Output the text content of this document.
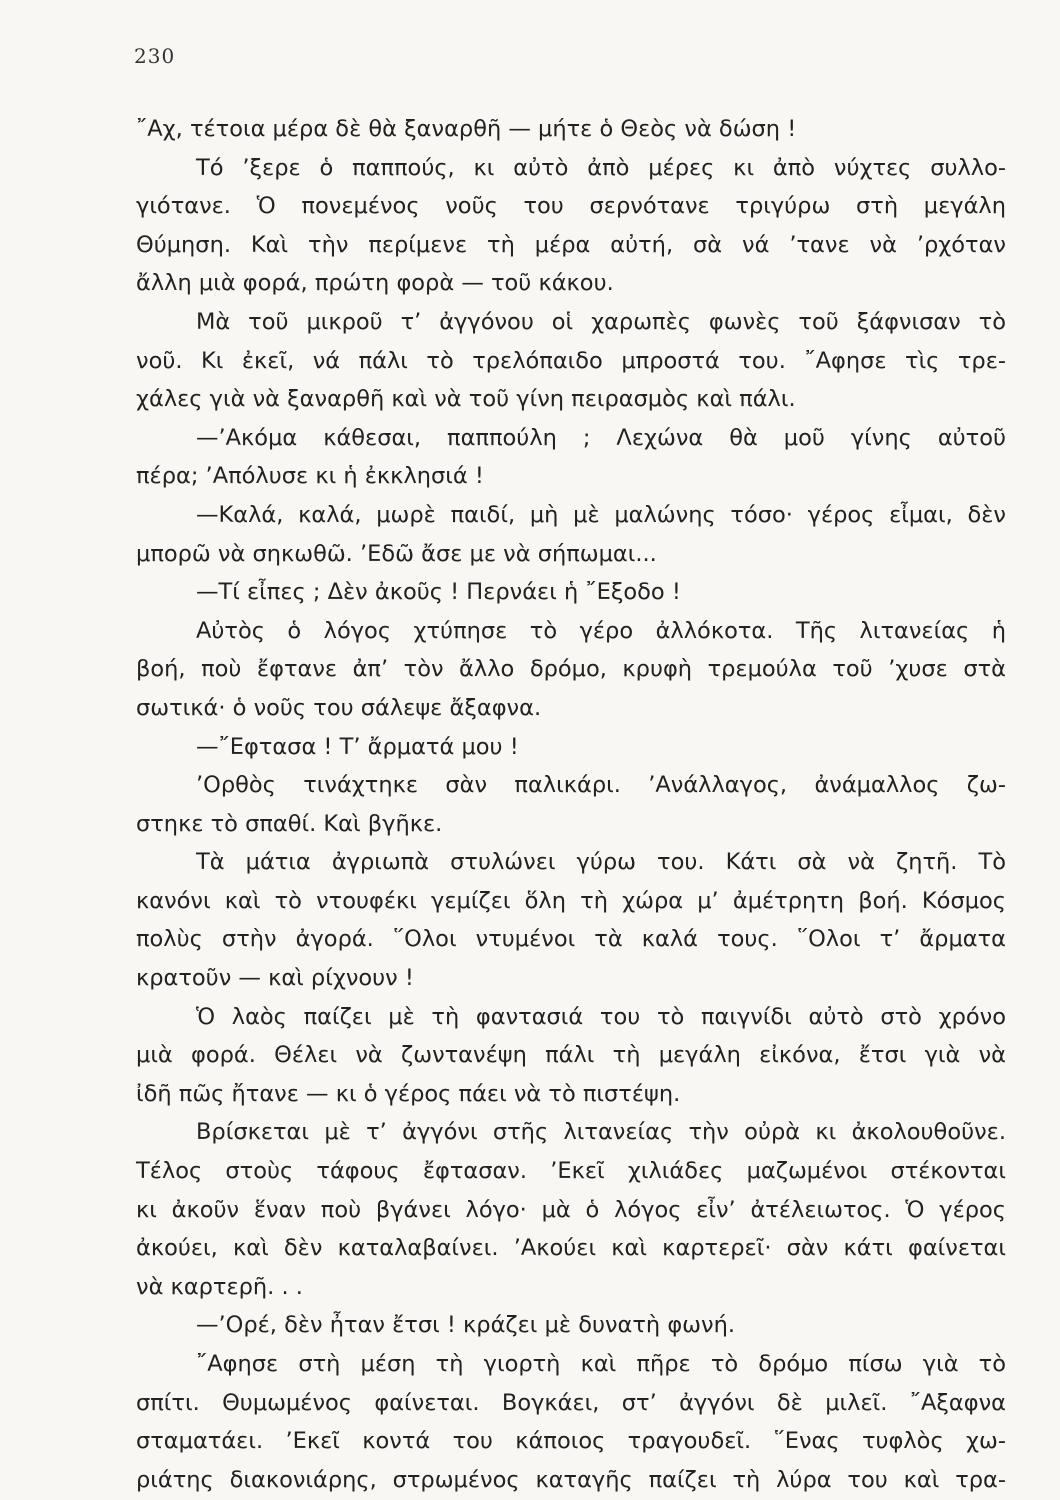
230
῎Αχ, τέτοια μέρα δὲ θὰ ξαναρθῆ — μήτε ὁ Θεὸς νὰ δώση !
Τό ’ξερε ὁ παππούς, κι αὐτὸ ἀπὸ μέρες κι ἀπὸ νύχτες συλλο-
γιότανε. Ὁ πονεμένος νοῦς του σερνότανε τριγύρω στὴ μεγάλη
Θύμηση. Καὶ τὴν περίμενε τὴ μέρα αὐτή, σὰ νά ’τανε νὰ ’ρχόταν
ἄλλη μιὰ φορά, πρώτη φορὰ — τοῦ κάκου.
Μὰ τοῦ μικροῦ τ’ ἀγγόνου οἱ χαρωπὲς φωνὲς τοῦ ξάφνισαν τὸ
νοῦ. Κι ἐκεῖ, νά πάλι τὸ τρελόπαιδο μπροστά του. ῎Αφησε τὶς τρε-
χάλες γιὰ νὰ ξαναρθῆ καὶ νὰ τοῦ γίνη πειρασμὸς καὶ πάλι.
—’Ακόμα κάθεσαι, παππούλη ; Λεχώνα θὰ μοῦ γίνης αὐτοῦ
πέρα; ’Απόλυσε κι ἡ ἐκκλησιά !
—Καλά, καλά, μωρὲ παιδί, μὴ μὲ μαλώνης τόσο· γέρος εἶμαι, δὲν
μπορῶ νὰ σηκωθῶ. ’Εδῶ ἄσε με νὰ σήπωμαι...
—Τί εἶπες ; Δὲν ἀκοῦς ! Περνάει ἡ ῎Εξοδο !
Αὐτὸς ὁ λόγος χτύπησε τὸ γέρο ἀλλόκοτα. Τῆς λιτανείας ἡ
βοή, ποὺ ἔφτανε ἀπ’ τὸν ἄλλο δρόμο, κρυφὴ τρεμούλα τοῦ ’χυσε στὰ
σωτικά· ὁ νοῦς του σάλεψε ἄξαφνα.
—῎Εφτασα ! Τ’ ἄρματά μου !
’Ορθὸς τινάχτηκε σὰν παλικάρι. ’Ανάλλαγος, ἀνάμαλλος ζω-
στηκε τὸ σπαθί. Καὶ βγῆκε.
Τὰ μάτια ἀγριωπὰ στυλώνει γύρω του. Κάτι σὰ νὰ ζητῆ. Τὸ
κανόνι καὶ τὸ ντουφέκι γεμίζει ὅλη τὴ χώρα μ’ ἀμέτρητη βοή. Κόσμος
πολὺς στὴν ἀγορά. ῞Ολοι ντυμένοι τὰ καλά τους. ῞Ολοι τ’ ἄρματα
κρατοῦν — καὶ ρίχνουν !
Ὁ λαὸς παίζει μὲ τὴ φαντασιά του τὸ παιγνίδι αὐτὸ στὸ χρόνο
μιὰ φορά. Θέλει νὰ ζωντανέψη πάλι τὴ μεγάλη εἰκόνα, ἔτσι γιὰ νὰ
ἰδῆ πῶς ἤτανε — κι ὁ γέρος πάει νὰ τὸ πιστέψη.
Βρίσκεται μὲ τ’ ἀγγόνι στῆς λιτανείας τὴν οὐρὰ κι ἀκολουθοῦνε.
Τέλος στοὺς τάφους ἔφτασαν. ’Εκεῖ χιλιάδες μαζωμένοι στέκονται
κι ἀκοῦν ἕναν ποὺ βγάνει λόγο· μὰ ὁ λόγος εἶν’ ἀτέλειωτος. Ὁ γέρος
ἀκούει, καὶ δὲν καταλαβαίνει. ’Ακούει καὶ καρτερεῖ· σὰν κάτι φαίνεται
νὰ καρτερῆ. . .
—’Ορέ, δὲν ἦταν ἔτσι ! κράζει μὲ δυνατὴ φωνή.
῎Αφησε στὴ μέση τὴ γιορτὴ καὶ πῆρε τὸ δρόμο πίσω γιὰ τὸ
σπίτι. Θυμωμένος φαίνεται. Βογκάει, στ’ ἀγγόνι δὲ μιλεῖ. ῎Αξαφνα
σταματάει. ’Εκεῖ κοντά του κάποιος τραγουδεῖ. ῞Ενας τυφλὸς χω-
ριάτης διακονιάρης, στρωμένος καταγῆς παίζει τὴ λύρα του καὶ τρα-
